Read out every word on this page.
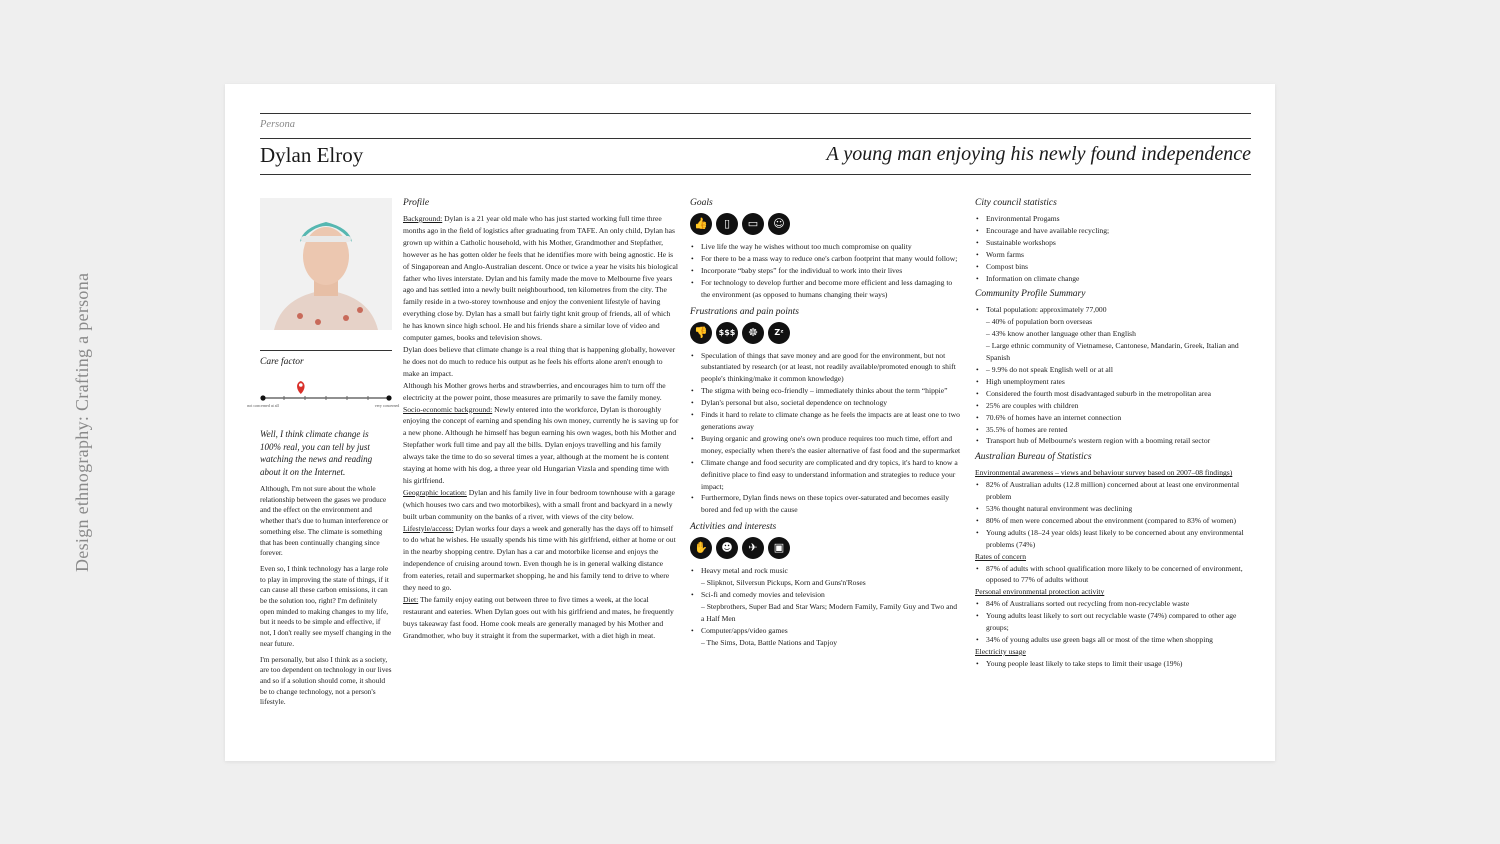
Design ethnography: Crafting a persona
Persona
Dylan Elroy	A young man enjoying his newly found independence
Care factor
not concerned at all	very concerned
Well, I think climate change is 100% real, you can tell by just watching the news and reading about it on the Internet.

Although, I'm not sure about the whole relationship between the gases we produce and the effect on the environment and whether that's due to human interference or something else. The climate is something that has been continually changing since forever.

Even so, I think technology has a large role to play in improving the state of things, if it can cause all these carbon emissions, it can be the solution too, right? I'm definitely open minded to making changes to my life, but it needs to be simple and effective, if not, I don't really see myself changing in the near future.

I'm personally, but also I think as a society, are too dependent on technology in our lives and so if a solution should come, it should be to change technology, not a person's lifestyle.

Profile

Background: Dylan is a 21 year old male who has just started working full time three months ago in the field of logistics after graduating from TAFE. An only child, Dylan has grown up within a Catholic household, with his Mother, Grandmother and Stepfather, however as he has gotten older he feels that he identifies more with being agnostic. He is of Singaporean and Anglo-Australian descent. Once or twice a year he visits his biological father who lives interstate. Dylan and his family made the move to Melbourne five years ago and has settled into a newly built neighbourhood, ten kilometres from the city. The family reside in a two-storey townhouse and enjoy the convenient lifestyle of having everything close by. Dylan has a small but fairly tight knit group of friends, all of which he has known since high school. He and his friends share a similar love of video and computer games, books and television shows.

Dylan does believe that climate change is a real thing that is happening globally, however he does not do much to reduce his output as he feels his efforts alone aren't enough to make an impact.

Although his Mother grows herbs and strawberries, and encourages him to turn off the electricity at the power point, those measures are primarily to save the family money.

Socio-economic background: Newly entered into the workforce, Dylan is thoroughly enjoying the concept of earning and spending his own money, currently he is saving up for a new phone. Although he himself has begun earning his own wages, both his Mother and Stepfather work full time and pay all the bills. Dylan enjoys travelling and his family always take the time to do so several times a year, although at the moment he is content staying at home with his dog, a three year old Hungarian Vizsla and spending time with his girlfriend.

Geographic location: Dylan and his family live in four bedroom townhouse with a garage (which houses two cars and two motorbikes), with a small front and backyard in a newly built urban community on the banks of a river, with views of the city below.

Lifestyle/access: Dylan works four days a week and generally has the days off to himself to do what he wishes. He usually spends his time with his girlfriend, either at home or out in the nearby shopping centre. Dylan has a car and motorbike license and enjoys the independence of cruising around town. Even though he is in general walking distance from eateries, retail and supermarket shopping, he and his family tend to drive to where they need to go.

Diet: The family enjoy eating out between three to five times a week, at the local restaurant and eateries. When Dylan goes out with his girlfriend and mates, he frequently buys takeaway fast food. Home cook meals are generally managed by his Mother and Grandmother, who buy it straight it from the supermarket, with a diet high in meat.

Goals
👍	▯	▭	☺
• Live life the way he wishes without too much compromise on quality
• For there to be a mass way to reduce one's carbon footprint that many would follow;
• Incorporate “baby steps” for the individual to work into their lives
• For technology to develop further and become more efficient and less damaging to the environment (as opposed to humans changing their ways)
Frustrations and pain points
👎	$$$	☸	Zᶻ
• Speculation of things that save money and are good for the environment, but not substantiated by research (or at least, not readily available/promoted enough to shift people's thinking/make it common knowledge)
• The stigma with being eco-friendly – immediately thinks about the term “hippie”
• Dylan's personal but also, societal dependence on technology
• Finds it hard to relate to climate change as he feels the impacts are at least one to two generations away
• Buying organic and growing one's own produce requires too much time, effort and money, especially when there's the easier alternative of fast food and the supermarket
• Climate change and food security are complicated and dry topics, it's hard to know a definitive place to find easy to understand information and strategies to reduce your impact;
• Furthermore, Dylan finds news on these topics over-saturated and becomes easily bored and fed up with the cause
Activities and interests
✋	☻	✈	▣
• Heavy metal and rock music
– Slipknot, Silversun Pickups, Korn and Guns'n'Roses
• Sci-fi and comedy movies and television
– Stepbrothers, Super Bad and Star Wars; Modern Family, Family Guy and Two and a Half Men
• Computer/apps/video games
– The Sims, Dota, Battle Nations and Tapjoy
City council statistics
• Environmental Progams
• Encourage and have available recycling;
• Sustainable workshops
• Worm farms
• Compost bins
• Information on climate change
Community Profile Summary
• Total population: approximately 77,000
– 40% of population born overseas
– 43% know another language other than English
– Large ethnic community of Vietnamese, Cantonese, Mandarin, Greek, Italian and Spanish
• – 9.9% do not speak English well or at all
• High unemployment rates
• Considered the fourth most disadvantaged suburb in the metropolitan area
• 25% are couples with children
• 70.6% of homes have an internet connection
• 35.5% of homes are rented
• Transport hub of Melbourne's western region with a booming retail sector
Australian Bureau of Statistics

Environmental awareness – views and behaviour survey based on 2007–08 findings)

• 82% of Australian adults (12.8 million) concerned about at least one environmental problem
• 53% thought natural environment was declining
• 80% of men were concerned about the environment (compared to 83% of women)
• Young adults (18–24 year olds) least likely to be concerned about any environmental problems (74%)

Rates of concern

• 87% of adults with school qualification more likely to be concerned of environment, opposed to 77% of adults without

Personal environmental protection activity

• 84% of Australians sorted out recycling from non-recyclable waste
• Young adults least likely to sort out recyclable waste (74%) compared to other age groups;
• 34% of young adults use green bags all or most of the time when shopping

Electricity usage

• Young people least likely to take steps to limit their usage (19%)
